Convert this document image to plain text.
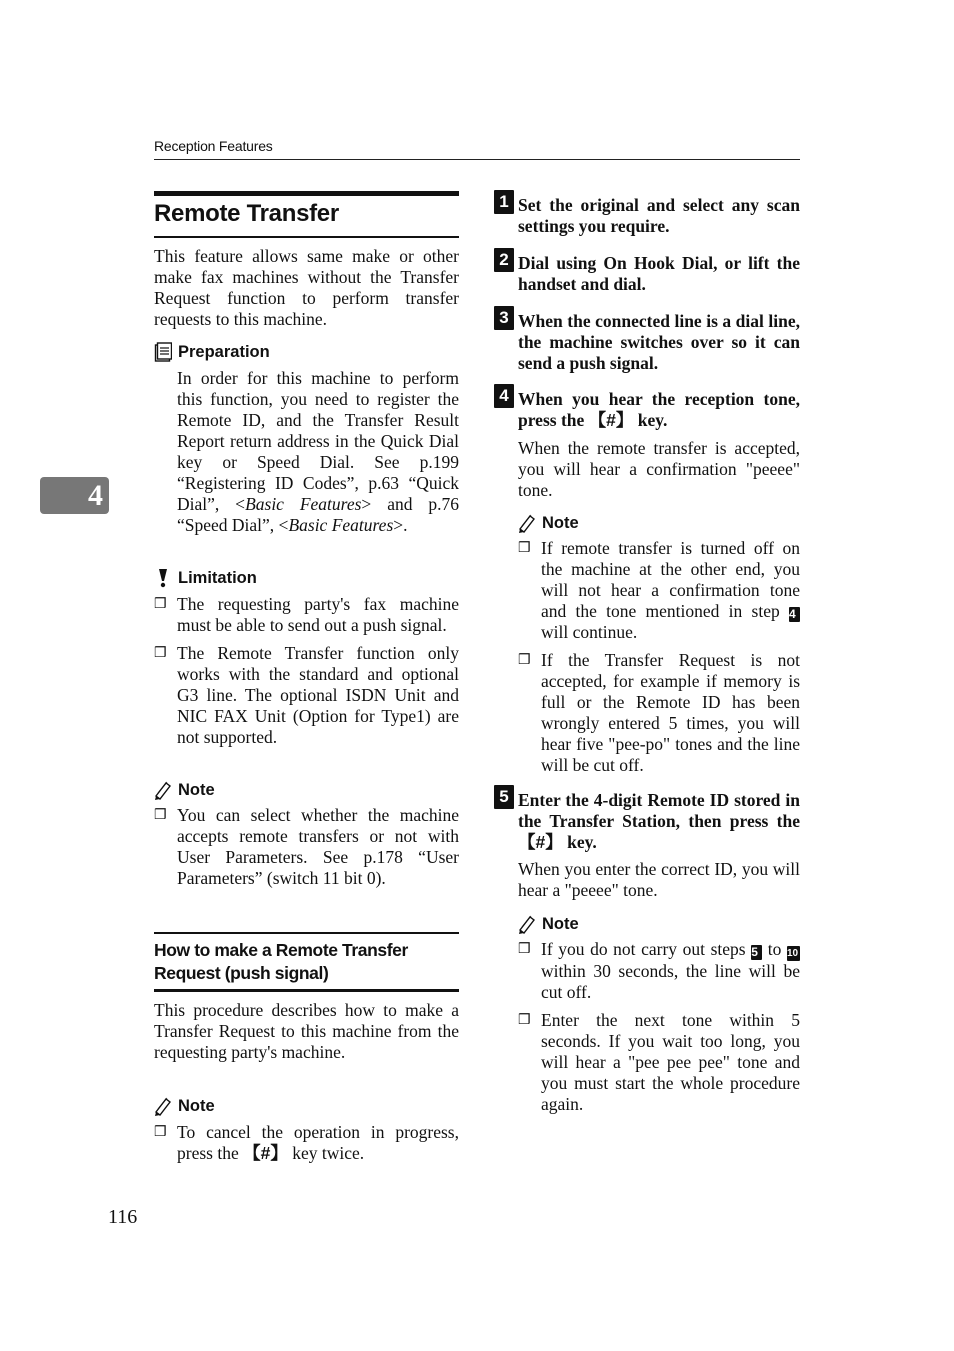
Reception Features
4
Remote Transfer

This feature allows same make or other make fax machines without the Transfer Request function to perform transfer requests to this machine.

Preparation

In order for this machine to perform this function, you need to register the Remote ID, and the Transfer Result Report return address in the Quick Dial key or Speed Dial. See p.199 “Registering ID Codes”, p.63 “Quick Dial”, <Basic Features> and p.76 “Speed Dial”, <Basic Features>.

Limitation
❒ The requesting party's fax machine must be able to send out a push signal.

❒ The Remote Transfer function only works with the standard and optional G3 line. The optional ISDN Unit and NIC FAX Unit (Option for Type1) are not supported.

Note
❒ You can select whether the machine accepts remote transfers or not with User Parameters. See p.178 “User Parameters” (switch 11 bit 0).

How to make a Remote Transfer Request (push signal)

This procedure describes how to make a Transfer Request to this machine from the requesting party's machine.

Note
❒ To cancel the operation in progress, press the 【#】 key twice.

1 Set the original and select any scan settings you require.

2 Dial using On Hook Dial, or lift the handset and dial.

3 When the connected line is a dial line, the machine switches over so it can send a push signal.

4 When you hear the reception tone, press the 【#】 key.

When the remote transfer is accepted, you will hear a confirmation "peeee" tone.

Note
❒ If remote transfer is turned off on the machine at the other end, you will not hear a confirmation tone and the tone mentioned in step 4 will continue.

❒ If the Transfer Request is not accepted, for example if memory is full or the Remote ID has been wrongly entered 5 times, you will hear five "pee-po" tones and the line will be cut off.

5 Enter the 4-digit Remote ID stored in the Transfer Station, then press the 【#】 key.

When you enter the correct ID, you will hear a "peeee" tone.

Note
❒ If you do not carry out steps 5 to 10 within 30 seconds, the line will be cut off.

❒ Enter the next tone within 5 seconds. If you wait too long, you will hear a "pee pee pee" tone and you must start the whole procedure again.

116
